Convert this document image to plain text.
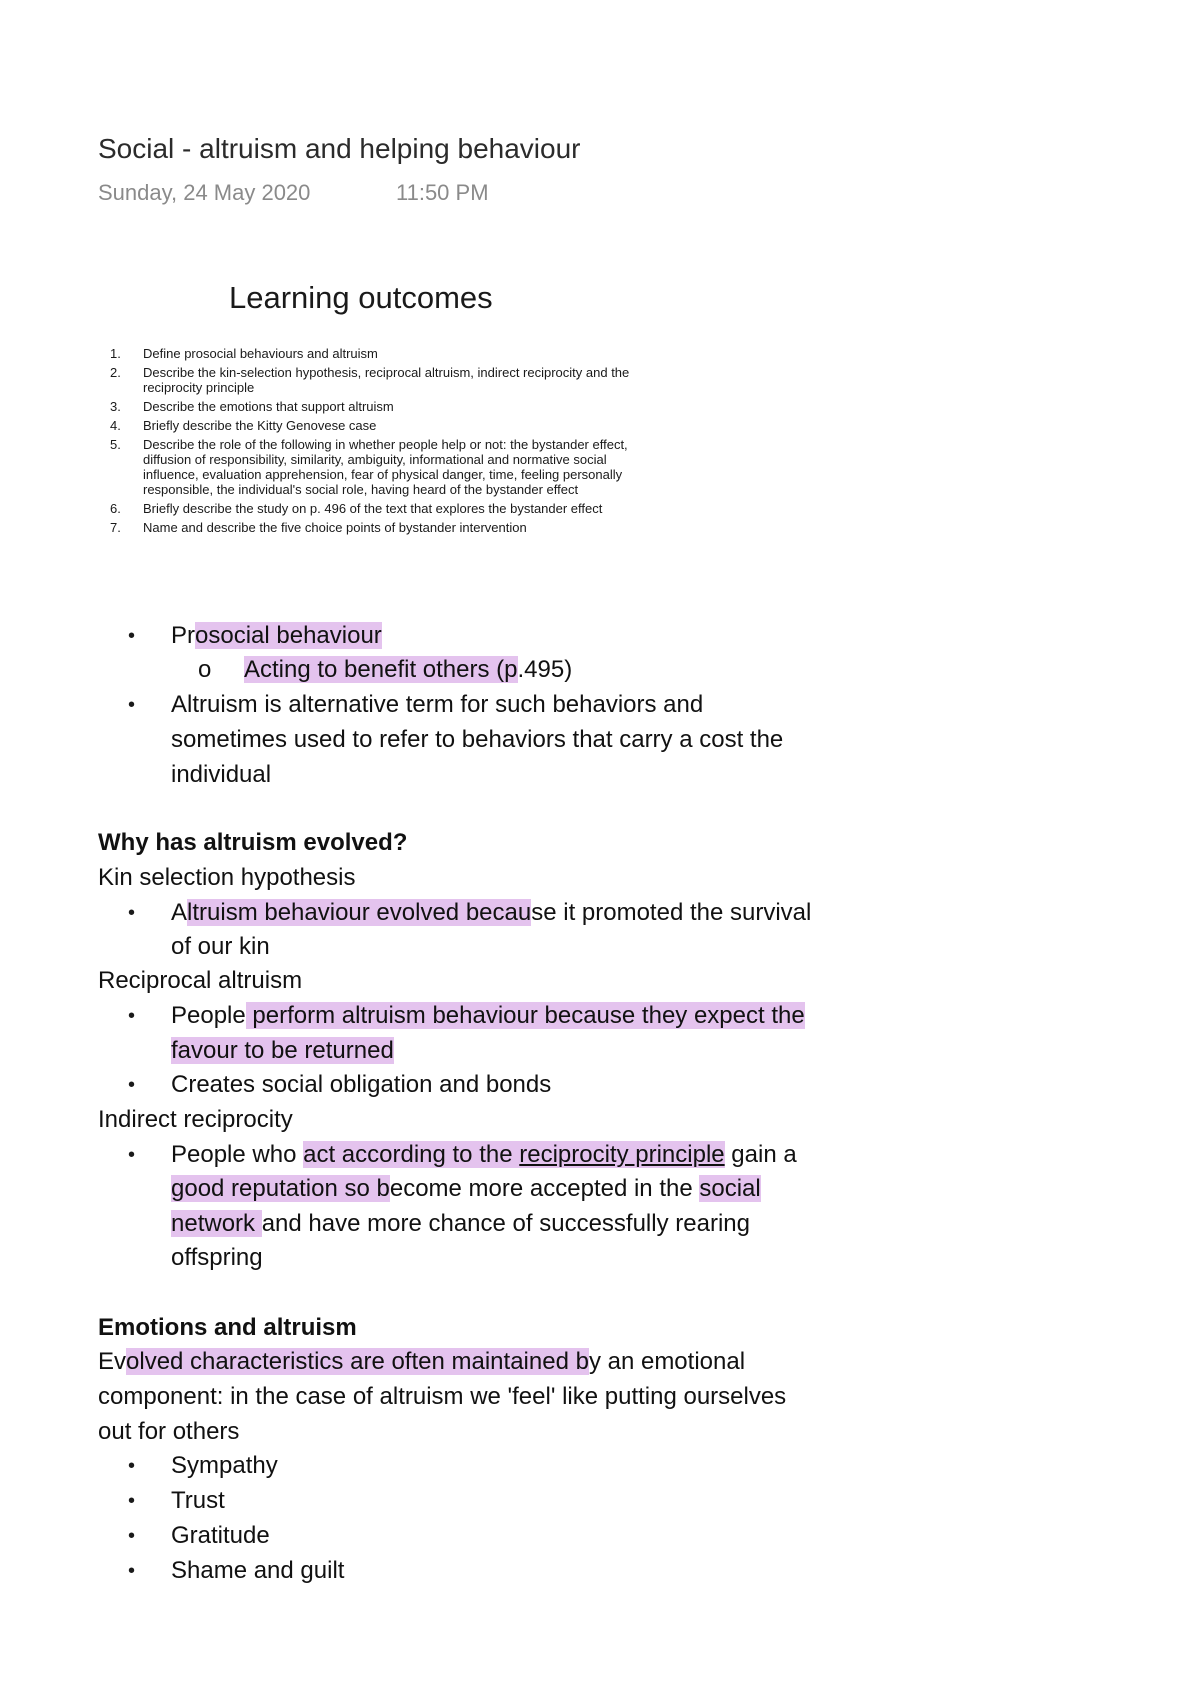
Social - altruism and helping behaviour
Sunday, 24 May 2020	11:50 PM
Learning outcomes
1.	Define prosocial behaviours and altruism
2.	Describe the kin-selection hypothesis, reciprocal altruism, indirect reciprocity and the reciprocity principle
3.	Describe the emotions that support altruism
4.	Briefly describe the Kitty Genovese case
5.	Describe the role of the following in whether people help or not: the bystander effect, diffusion of responsibility, similarity, ambiguity, informational and normative social influence, evaluation apprehension, fear of physical danger, time, feeling personally responsible, the individual's social role, having heard of the bystander effect
6.	Briefly describe the study on p. 496 of the text that explores the bystander effect
7.	Name and describe the five choice points of bystander intervention
• Prosocial behaviour
o Acting to benefit others (p.495)
• Altruism is alternative term for such behaviors and
sometimes used to refer to behaviors that carry a cost the
individual
Why has altruism evolved?
Kin selection hypothesis
• Altruism behaviour evolved because it promoted the survival
of our kin
Reciprocal altruism
• People perform altruism behaviour because they expect the
favour to be returned
• Creates social obligation and bonds
Indirect reciprocity
• People who act according to the reciprocity principle gain a
good reputation so become more accepted in the social
network and have more chance of successfully rearing
offspring
Emotions and altruism
Evolved characteristics are often maintained by an emotional
component: in the case of altruism we 'feel' like putting ourselves
out for others
• Sympathy
• Trust
• Gratitude
• Shame and guilt
